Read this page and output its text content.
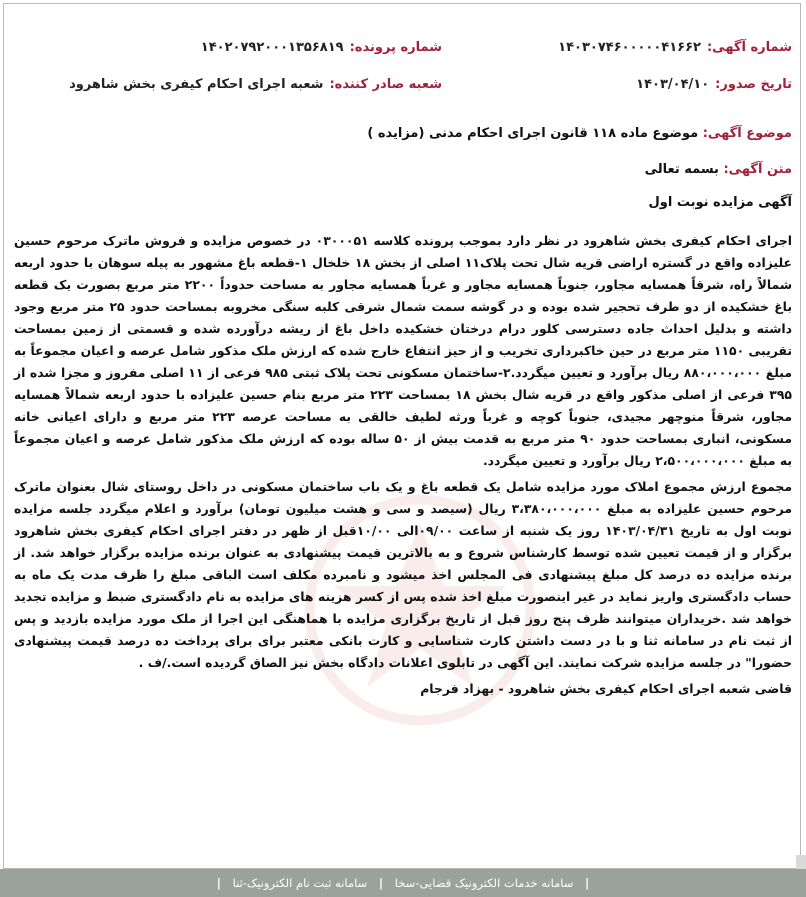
شماره آگهی:۱۴۰۳۰۷۴۶۰۰۰۰۰۴۱۶۶۲
شماره پرونده:۱۴۰۲۰۷۹۲۰۰۰۱۳۵۶۸۱۹
تاریخ صدور:۱۴۰۳/۰۴/۱۰
شعبه صادر کننده:شعبه اجرای احکام کیفری بخش شاهرود
موضوع آگهی: موضوع ماده ۱۱۸ قانون اجرای احکام مدنی (مزایده )
متن آگهی: بسمه تعالی
آگهی مزایده نوبت اول

اجرای احکام کیفری بخش شاهرود در نظر دارد بموجب پرونده کلاسه ۰۳۰۰۰۵۱ در خصوص مزایده و فروش ماترک مرحوم حسین علیزاده واقع در گستره اراضی قریه شال تحت پلاک۱۱ اصلی از بخش ۱۸ خلخال ۱-قطعه باغ مشهور به پیله سوهان با حدود اربعه شمالاً راه، شرقاً همسایه مجاور، جنوباً همسایه مجاور و غرباً همسایه مجاور به مساحت حدوداً ۲۲۰۰ متر مربع بصورت یک قطعه باغ خشکیده از دو طرف تحجیر شده بوده و در گوشه سمت شمال شرقی کلبه سنگی مخروبه بمساحت حدود ۲۵ متر مربع وجود داشته و بدلیل احداث جاده دسترسی کلور درام درختان خشکیده داخل باغ از ریشه درآورده شده و قسمتی از زمین بمساحت تقریبی ۱۱۵۰ متر مربع در حین خاکبرداری تخریب و از حیز انتفاع خارج شده که ارزش ملک مذکور شامل عرصه و اعیان مجموعاً به مبلغ ۸۸۰،۰۰۰،۰۰۰ ریال برآورد و تعیین میگردد.۲-ساختمان مسکونی تحت پلاک ثبتی ۹۸۵ فرعی از ۱۱ اصلی مفروز و مجزا شده از ۳۹۵ فرعی از اصلی مذکور واقع در قریه شال بخش ۱۸ بمساحت ۲۲۳ متر مربع بنام حسین علیزاده با حدود اربعه شمالاً همسایه مجاور، شرقاً منوچهر مجیدی، جنوباً کوچه و غرباً ورثه لطیف خالقی به مساحت عرصه ۲۲۳ متر مربع و دارای اعیانی خانه مسکونی، انباری بمساحت حدود ۹۰ متر مربع به قدمت بیش از ۵۰ ساله بوده که ارزش ملک مذکور شامل عرصه و اعیان مجموعاً به مبلغ ۲،۵۰۰،۰۰۰،۰۰۰ ریال برآورد و تعیین میگردد.

مجموع ارزش مجموع املاک مورد مزایده شامل یک قطعه باغ و یک باب ساختمان مسکونی در داخل روستای شال بعنوان ماترک مرحوم حسین علیزاده به مبلغ ۳،۳۸۰،۰۰۰،۰۰۰ ریال (سیصد و سی و هشت میلیون تومان) برآورد و اعلام میگردد جلسه مزایده نوبت اول به تاریخ ۱۴۰۳/۰۴/۳۱ روز یک شنبه از ساعت ۰۹/۰۰الی ۱۰/۰۰قبل از ظهر در دفتر اجرای احکام کیفری بخش شاهرود برگزار و از قیمت تعیین شده توسط کارشناس شروع و به بالاترین قیمت پیشنهادی به عنوان برنده مزایده برگزار خواهد شد. از برنده مزایده ده درصد کل مبلغ پیشنهادی فی المجلس اخذ میشود و نامبرده مکلف است الباقی مبلغ را ظرف مدت یک ماه به حساب دادگستری واریز نماید در غیر اینصورت مبلغ اخذ شده پس از کسر هزینه های مزایده به نام دادگستری ضبط و مزایده تجدید خواهد شد .خریداران میتوانند ظرف پنج روز قبل از تاریخ برگزاری مزایده با هماهنگی این اجرا از ملک مورد مزایده بازدید و پس از ثبت نام در سامانه ثنا و با در دست داشتن کارت شناسایی و کارت بانکی معتبر برای برای پرداخت ده درصد قیمت پیشنهادی حضورا" در جلسه مزایده شرکت نمایند. این آگهی در تابلوی اعلانات دادگاه بخش نیز الصاق گردیده است./ف .

قاضی شعبه اجرای احکام کیفری بخش شاهرود - بهزاد فرجام

| سامانه خدمات الکترونیک قضایی-سخا | سامانه ثبت نام الکترونیک-ثنا |
